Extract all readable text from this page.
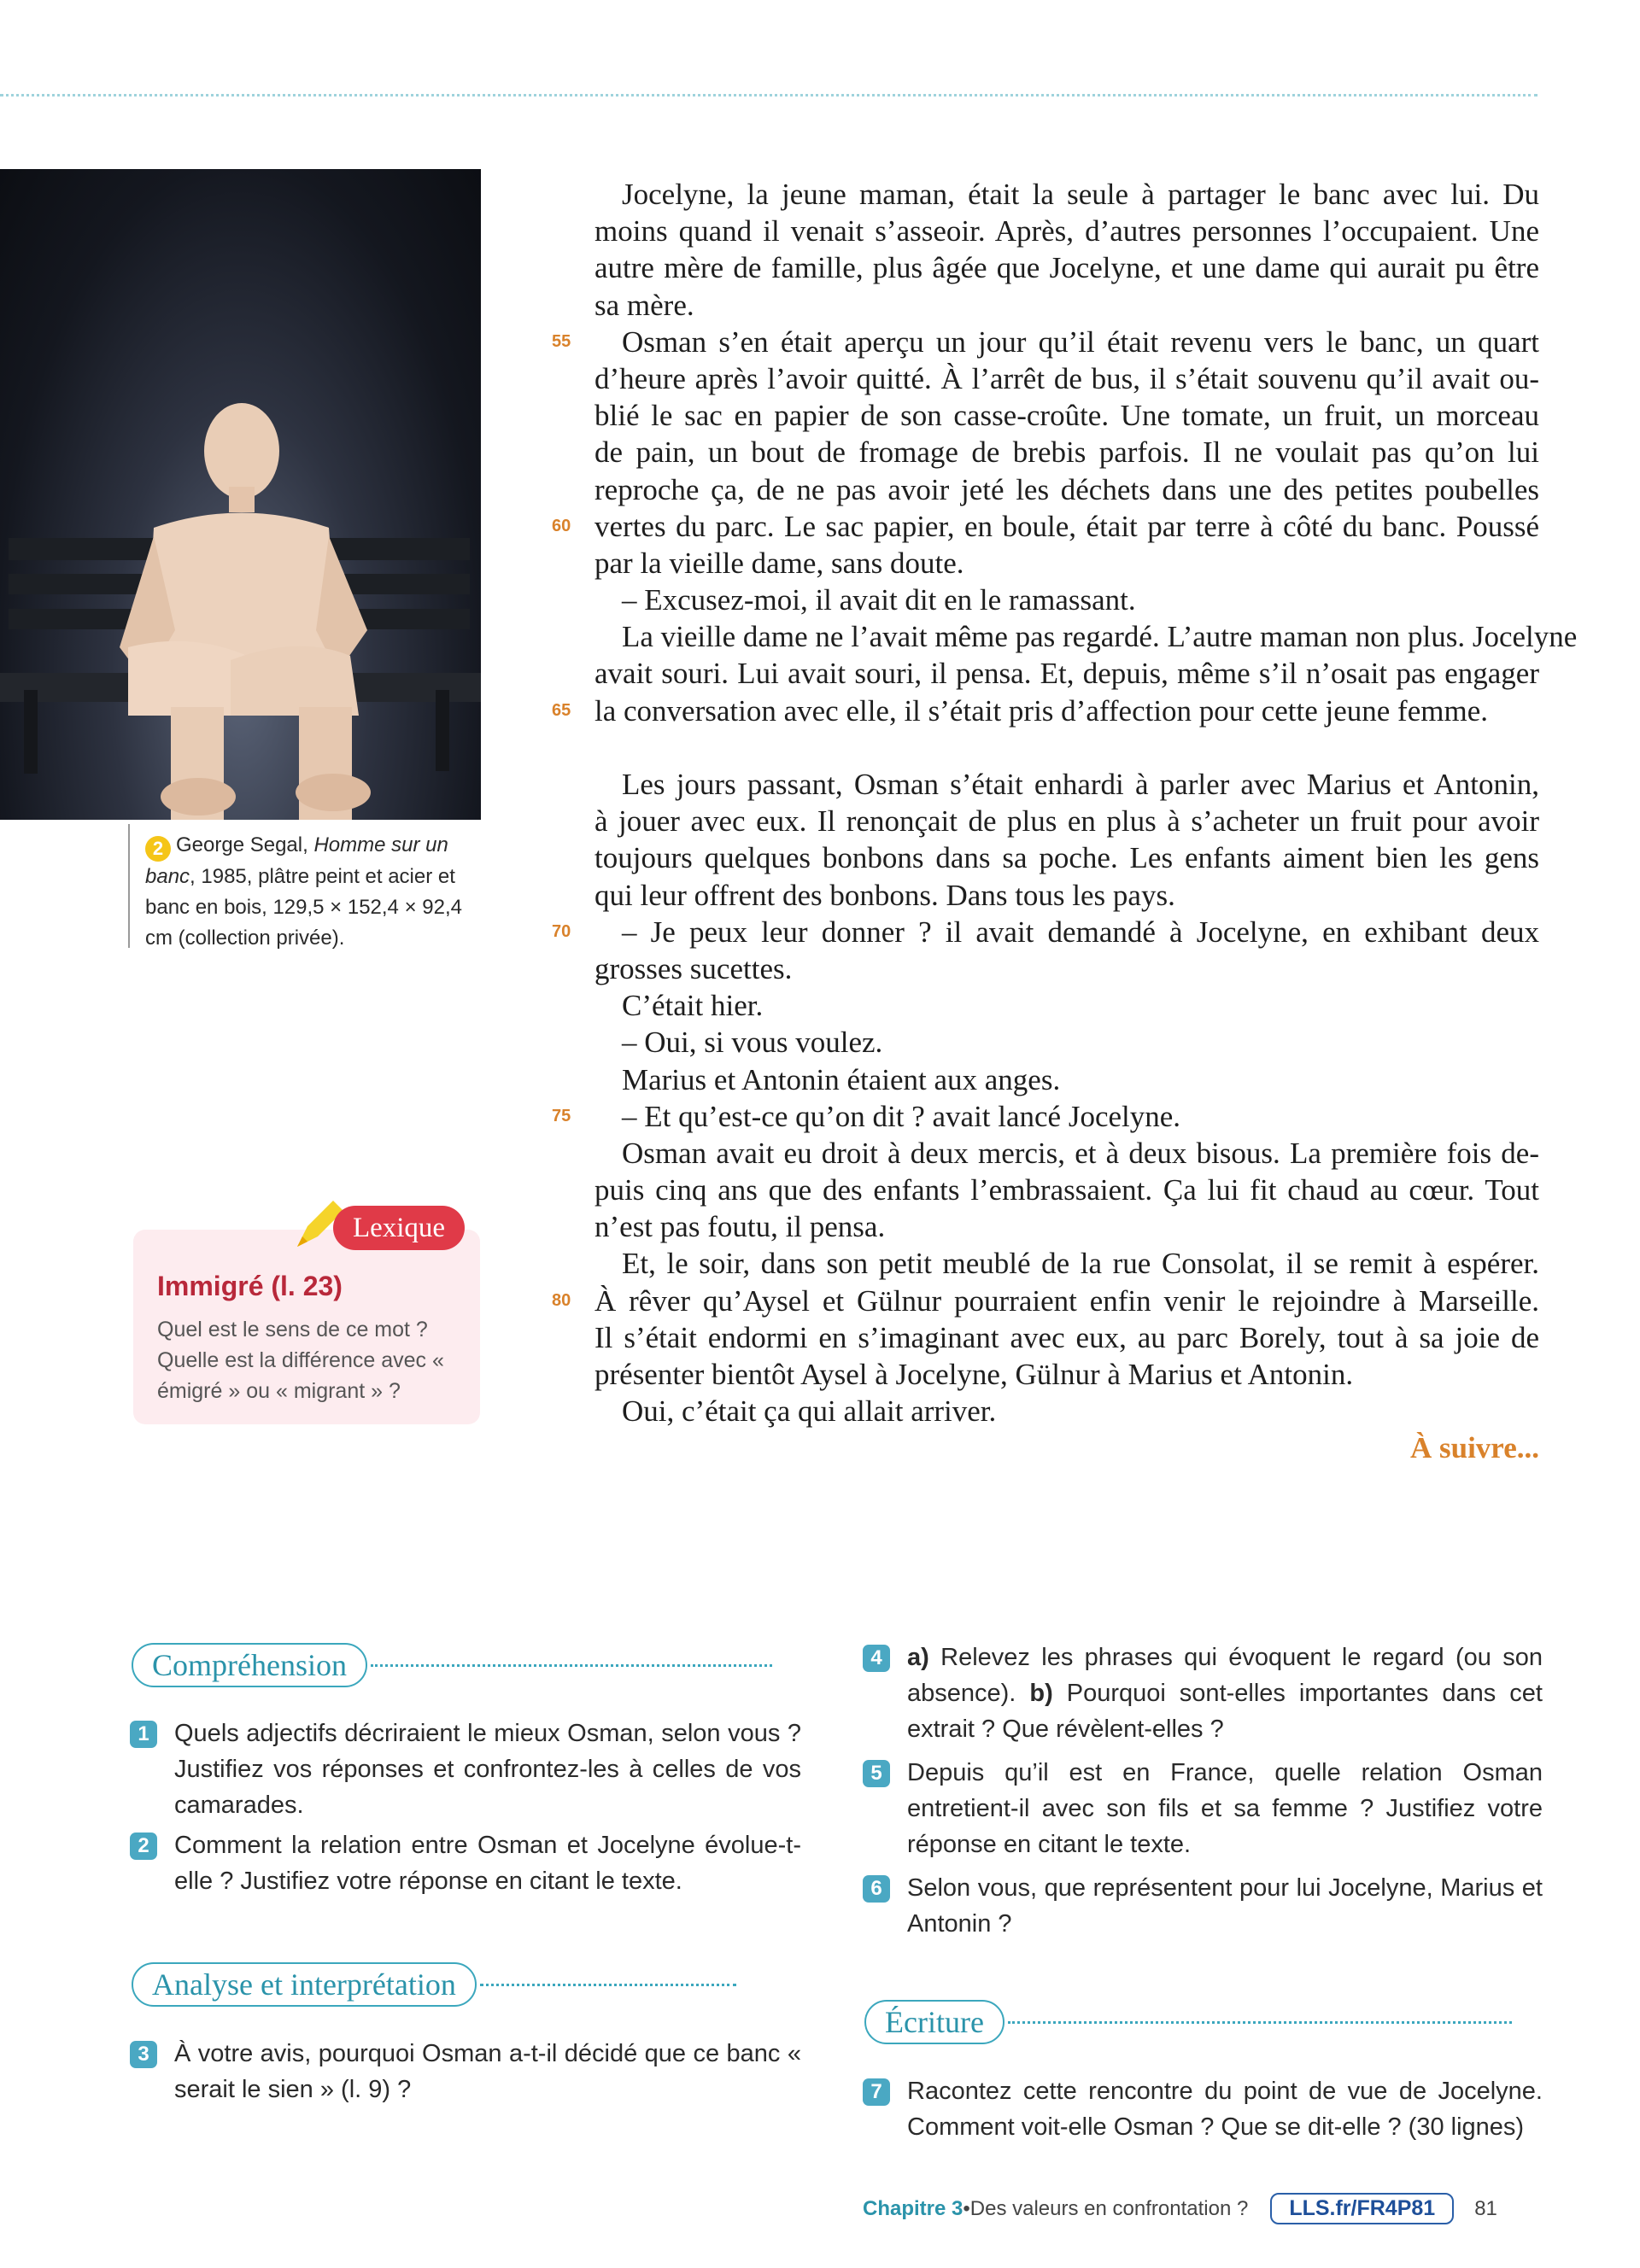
2 George Segal, Homme sur un banc, 1985, plâtre peint et acier et banc en bois, 129,5 × 152,4 × 92,4 cm (collection privée).
Jocelyne, la jeune maman, était la seule à partager le banc avec lui. Du
moins quand il venait s’asseoir. Après, d’autres personnes l’occupaient. Une
autre mère de famille, plus âgée que Jocelyne, et une dame qui aurait pu être
sa mère.
55 Osman s’en était aperçu un jour qu’il était revenu vers le banc, un quart
d’heure après l’avoir quitté. À l’arrêt de bus, il s’était souvenu qu’il avait ou-
blié le sac en papier de son casse-croûte. Une tomate, un fruit, un morceau
de pain, un bout de fromage de brebis parfois. Il ne voulait pas qu’on lui
reproche ça, de ne pas avoir jeté les déchets dans une des petites poubelles
60 vertes du parc. Le sac papier, en boule, était par terre à côté du banc. Poussé
par la vieille dame, sans doute.
– Excusez-moi, il avait dit en le ramassant.
La vieille dame ne l’avait même pas regardé. L’autre maman non plus. Jocelyne
avait souri. Lui avait souri, il pensa. Et, depuis, même s’il n’osait pas engager
65 la conversation avec elle, il s’était pris d’affection pour cette jeune femme.
Les jours passant, Osman s’était enhardi à parler avec Marius et Antonin,
à jouer avec eux. Il renonçait de plus en plus à s’acheter un fruit pour avoir
toujours quelques bonbons dans sa poche. Les enfants aiment bien les gens
qui leur offrent des bonbons. Dans tous les pays.
70 – Je peux leur donner ? il avait demandé à Jocelyne, en exhibant deux
grosses sucettes.
C’était hier.
– Oui, si vous voulez.
Marius et Antonin étaient aux anges.
75 – Et qu’est-ce qu’on dit ? avait lancé Jocelyne.
Osman avait eu droit à deux mercis, et à deux bisous. La première fois de-
puis cinq ans que des enfants l’embrassaient. Ça lui fit chaud au cœur. Tout
n’est pas foutu, il pensa.
Et, le soir, dans son petit meublé de la rue Consolat, il se remit à espérer.
80 À rêver qu’Aysel et Gülnur pourraient enfin venir le rejoindre à Marseille.
Il s’était endormi en s’imaginant avec eux, au parc Borely, tout à sa joie de
présenter bientôt Aysel à Jocelyne, Gülnur à Marius et Antonin.
Oui, c’était ça qui allait arriver.
À suivre...
Lexique
Immigré (l. 23)
Quel est le sens de ce mot ? Quelle est la différence avec « émigré » ou « migrant » ?
Compréhension
1	Quels adjectifs décriraient le mieux Osman, selon vous ? Justifiez vos réponses et confrontez-les à celles de vos camarades.
2	Comment la relation entre Osman et Jocelyne évolue-t-elle ? Justifiez votre réponse en citant le texte.
Analyse et interprétation
3	À votre avis, pourquoi Osman a-t-il décidé que ce banc « serait le sien » (l. 9) ?
4	a) Relevez les phrases qui évoquent le regard (ou son absence). b) Pourquoi sont-elles importantes dans cet extrait ? Que révèlent-elles ?
5	Depuis qu’il est en France, quelle relation Osman entretient-il avec son fils et sa femme ? Justifiez votre réponse en citant le texte.
6	Selon vous, que représentent pour lui Jocelyne, Marius et Antonin ?
Écriture
7	Racontez cette rencontre du point de vue de Jocelyne. Comment voit-elle Osman ? Que se dit-elle ? (30 lignes)
Chapitre 3 • Des valeurs en confrontation ?	LLS.fr/FR4P81	81
